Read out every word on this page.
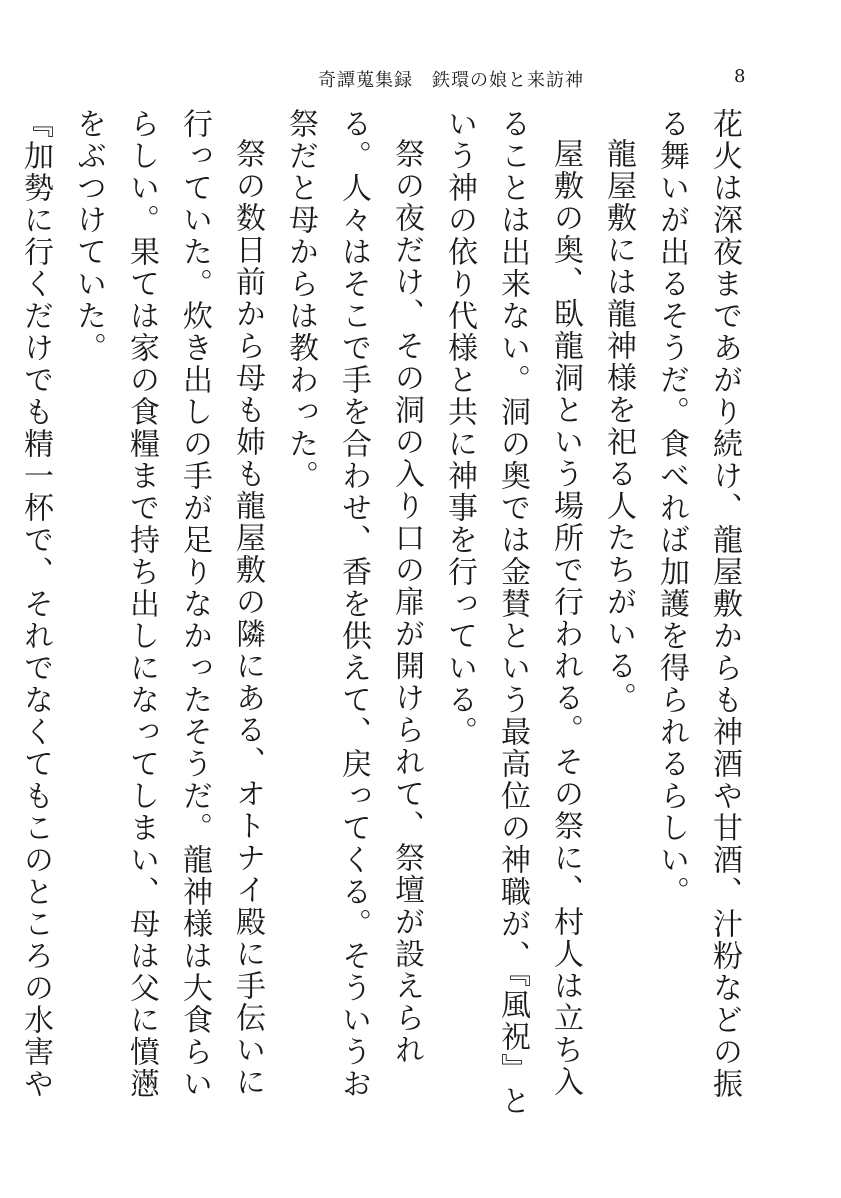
奇譚蒐集録　鉄環の娘と来訪神	8

花火は深夜まであがり続け、龍屋敷からも神酒や甘酒、汁粉などの振る舞いが出るそうだ。食べれば加護を得られるらしい。

龍屋敷には龍神様を祀る人たちがいる。

屋敷の奥、臥龍洞という場所で行われる。その祭に、村人は立ち入ることは出来ない。洞の奥では金賛という最高位の神職が、『風祝』という神の依り代様と共に神事を行っている。

祭の夜だけ、その洞の入り口の扉が開けられて、祭壇が設えられる。人々はそこで手を合わせ、香を供えて、戻ってくる。そういうお祭だと母からは教わった。

祭の数日前から母も姉も龍屋敷の隣にある、オトナイ殿に手伝いに行っていた。炊き出しの手が足りなかったそうだ。龍神様は大食らいらしい。果ては家の食糧まで持ち出しになってしまい、母は父に憤懣をぶつけていた。

『加勢に行くだけでも精一杯で、それでなくてもこのところの水害や
